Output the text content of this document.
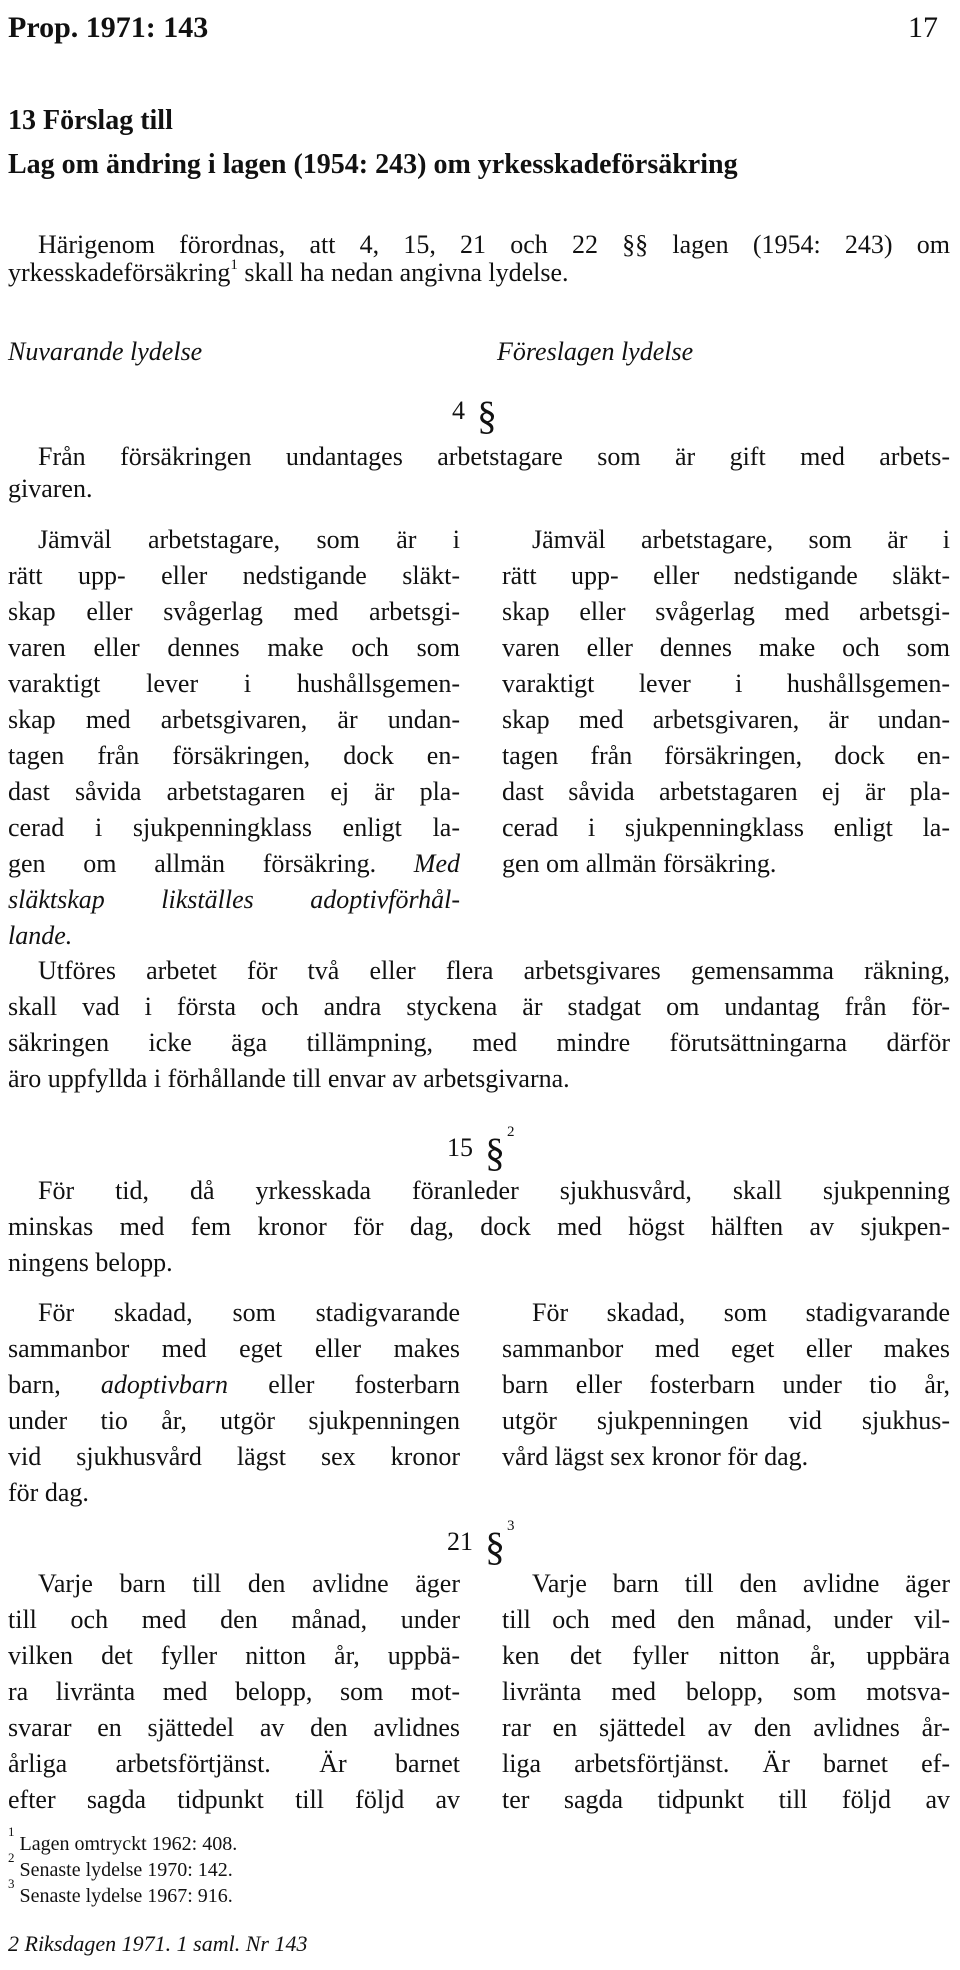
Prop. 1971: 143	17
13 Förslag till
Lag om ändring i lagen (1954: 243) om yrkesskadeförsäkring
Härigenom förordnas, att 4, 15, 21 och 22 §§ lagen (1954: 243) om
yrkesskadeförsäkring$^1$ skall ha nedan angivna lydelse.
Nuvarande lydelse	Föreslagen lydelse
4 §
Från försäkringen undantages arbetstagare som är gift med arbets-
givaren.
Jämväl arbetstagare, som är i
rätt upp- eller nedstigande släkt-
skap eller svågerlag med arbetsgi-
varen eller dennes make och som
varaktigt lever i hushållsgemen-
skap med arbetsgivaren, är undan-
tagen från försäkringen, dock en-
dast såvida arbetstagaren ej är pla-
cerad i sjukpenningklass enligt la-
gen om allmän försäkring. Med
släktskap likställes adoptivförhål-
lande.
Jämväl arbetstagare, som är i
rätt upp- eller nedstigande släkt-
skap eller svågerlag med arbetsgi-
varen eller dennes make och som
varaktigt lever i hushållsgemen-
skap med arbetsgivaren, är undan-
tagen från försäkringen, dock en-
dast såvida arbetstagaren ej är pla-
cerad i sjukpenningklass enligt la-
gen om allmän försäkring.
Utföres arbetet för två eller flera arbetsgivares gemensamma räkning,
skall vad i första och andra styckena är stadgat om undantag från för-
säkringen icke äga tillämpning, med mindre förutsättningarna därför
äro uppfyllda i förhållande till envar av arbetsgivarna.
15 § $^2$
För tid, då yrkesskada föranleder sjukhusvård, skall sjukpenning
minskas med fem kronor för dag, dock med högst hälften av sjukpen-
ningens belopp.
För skadad, som stadigvarande
sammanbor med eget eller makes
barn, adoptivbarn eller fosterbarn
under tio år, utgör sjukpenningen
vid sjukhusvård lägst sex kronor
för dag.
För skadad, som stadigvarande
sammanbor med eget eller makes
barn eller fosterbarn under tio år,
utgör sjukpenningen vid sjukhus-
vård lägst sex kronor för dag.
21 § $^3$
Varje barn till den avlidne äger
till och med den månad, under
vilken det fyller nitton år, uppbä-
ra livränta med belopp, som mot-
svarar en sjättedel av den avlidnes
årliga arbetsförtjänst. Är barnet
efter sagda tidpunkt till följd av
Varje barn till den avlidne äger
till och med den månad, under vil-
ken det fyller nitton år, uppbära
livränta med belopp, som motsva-
rar en sjättedel av den avlidnes år-
liga arbetsförtjänst. Är barnet ef-
ter sagda tidpunkt till följd av
$^1$ Lagen omtryckt 1962: 408.
$^2$ Senaste lydelse 1970: 142.
$^3$ Senaste lydelse 1967: 916.
2 Riksdagen 1971. 1 saml. Nr 143
